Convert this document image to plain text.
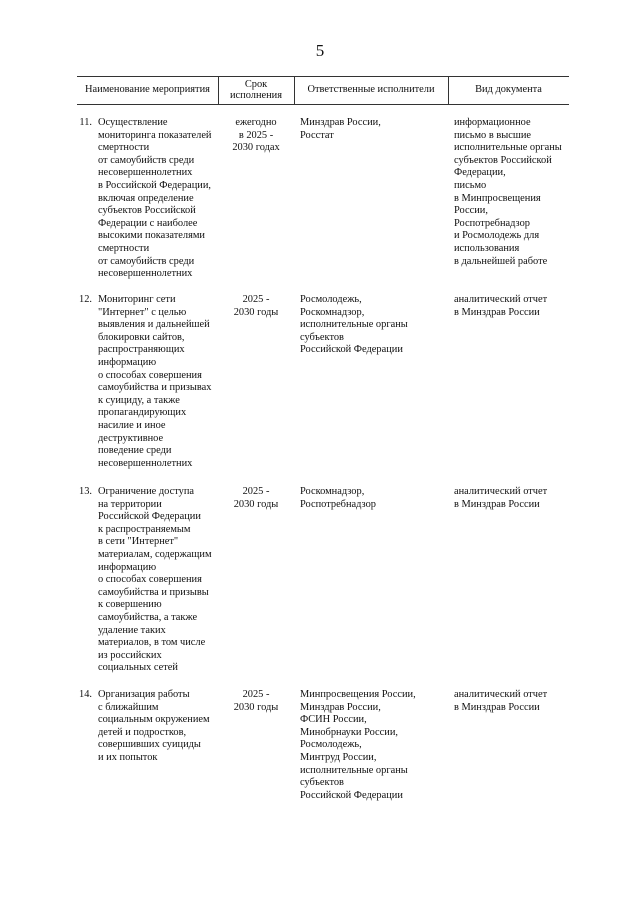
5
Наименование мероприятия
Срок
исполнения
Ответственные исполнители	Вид документа
11. Осуществление
мониторинга показателей
смертности
от самоубийств среди
несовершеннолетних
в Российской Федерации,
включая определение
субъектов Российской
Федерации с наиболее
высокими показателями
смертности
от самоубийств среди
несовершеннолетних
ежегодно
в 2025 -
2030 годах
Минздрав России,
Росстат
информационное
письмо в высшие
исполнительные органы
субъектов Российской
Федерации,
письмо
в Минпросвещения
России,
Роспотребнадзор
и Росмолодежь для
использования
в дальнейшей работе
12. Мониторинг сети
"Интернет" с целью
выявления и дальнейшей
блокировки сайтов,
распространяющих
информацию
о способах совершения
самоубийства и призывах
к суициду, а также
пропагандирующих
насилие и иное
деструктивное
поведение среди
несовершеннолетних
2025 -
2030 годы
Росмолодежь,
Роскомнадзор,
исполнительные органы
субъектов
Российской Федерации
аналитический отчет
в Минздрав России
13. Ограничение доступа
на территории
Российской Федерации
к распространяемым
в сети "Интернет"
материалам, содержащим
информацию
о способах совершения
самоубийства и призывы
к совершению
самоубийства, а также
удаление таких
материалов, в том числе
из российских
социальных сетей
2025 -
2030 годы
Роскомнадзор,
Роспотребнадзор
аналитический отчет
в Минздрав России
14. Организация работы
с ближайшим
социальным окружением
детей и подростков,
совершивших суициды
и их попыток
2025 -
2030 годы
Минпросвещения России,
Минздрав России,
ФСИН России,
Минобрнауки России,
Росмолодежь,
Минтруд России,
исполнительные органы
субъектов
Российской Федерации
аналитический отчет
в Минздрав России
